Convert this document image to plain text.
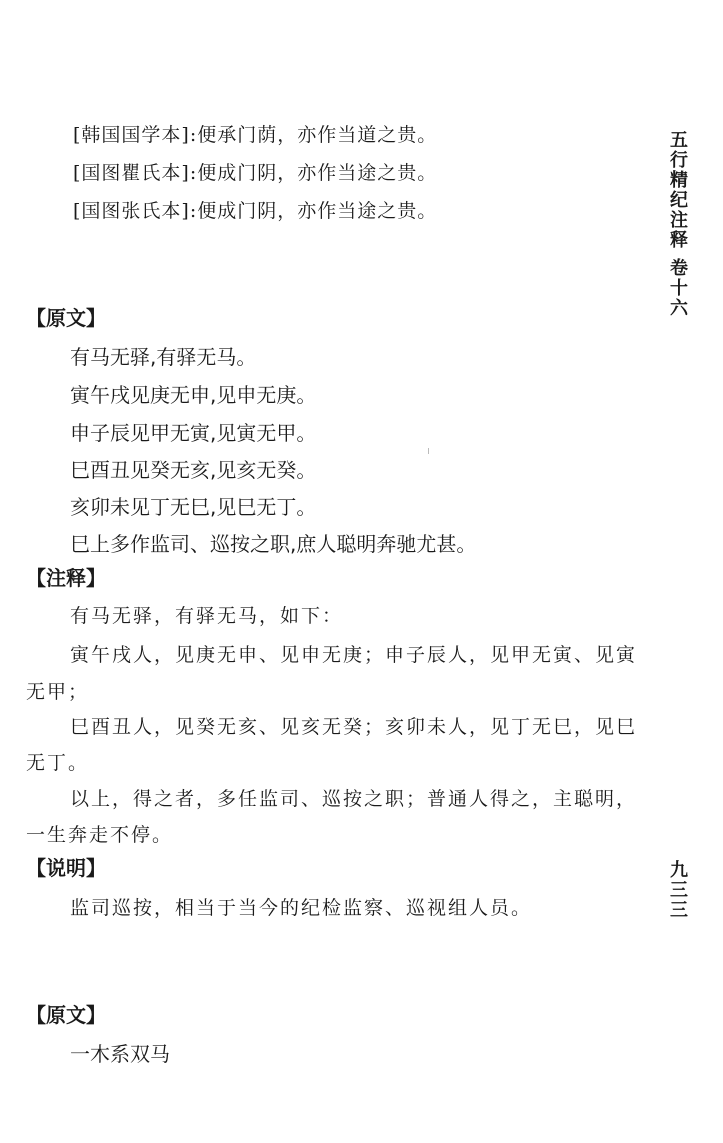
[韩国国学本]:便承门荫，亦作当道之贵。
[国图瞿氏本]:便成门阴，亦作当途之贵。
[国图张氏本]:便成门阴，亦作当途之贵。	五行精纪注释 卷十六
【原文】
有马无驿,有驿无马。
寅午戌见庚无申,见申无庚。
申子辰见甲无寅,见寅无甲。
巳酉丑见癸无亥,见亥无癸。
亥卯未见丁无巳,见巳无丁。
巳上多作监司、巡按之职,庶人聪明奔驰尤甚。
【注释】
有马无驿，有驿无马，如下：
寅午戌人，见庚无申、见申无庚；申子辰人，见甲无寅、见寅
无甲；
巳酉丑人，见癸无亥、见亥无癸；亥卯未人，见丁无巳，见巳
无丁。
以上，得之者，多任监司、巡按之职；普通人得之，主聪明，
一生奔走不停。
【说明】
监司巡按，相当于当今的纪检监察、巡视组人员。	九三三
【原文】
一木系双马
